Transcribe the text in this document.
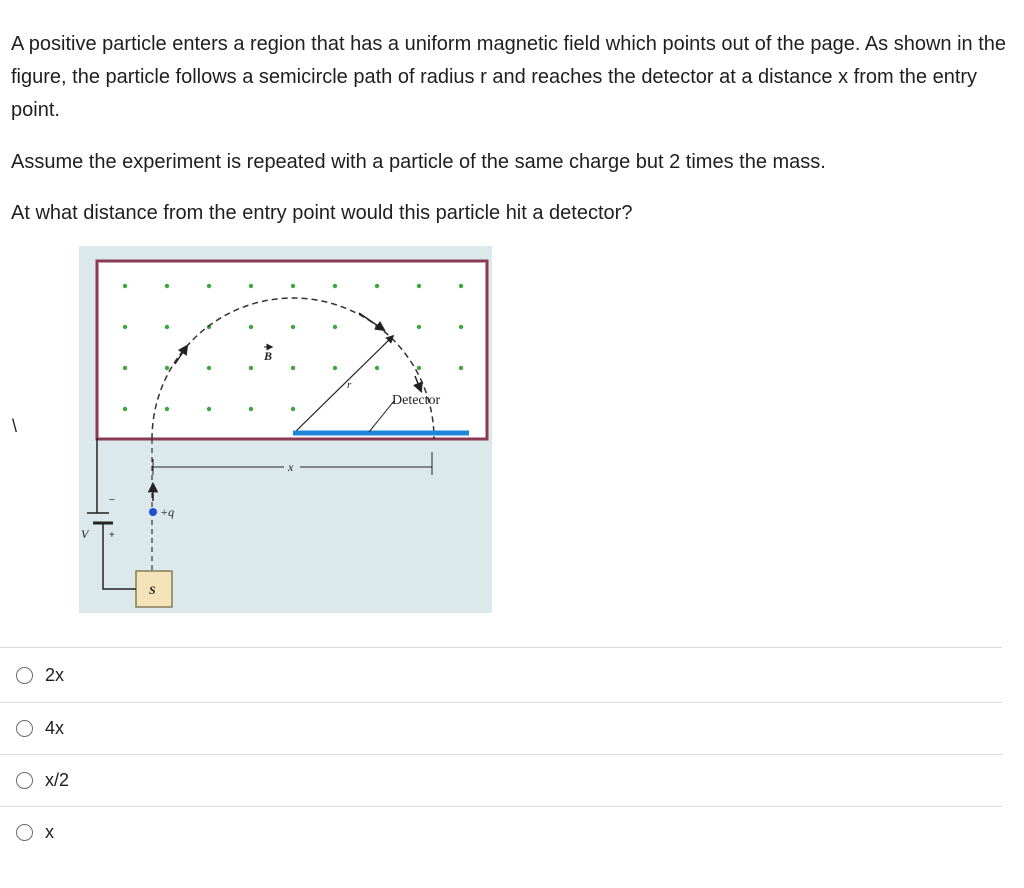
A positive particle enters a region that has a uniform magnetic field which points out of the page. As shown in the figure, the particle follows a semicircle path of radius r and reaches the detector at a distance x from the entry point.

Assume the experiment is repeated with a particle of the same charge but 2 times the mass.

At what distance from the entry point would this particle hit a detector?

\
r
B
Detector
x
+q
S
−
+
V
2x
4x
x/2
x
